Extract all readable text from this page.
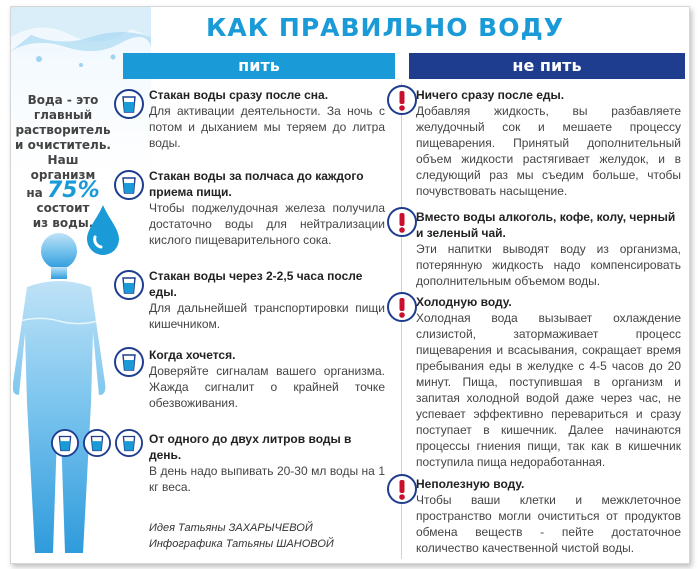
Вода - это
главный
растворитель
и очиститель.
Наш организм
на 75%
состоит
из воды.
КАК ПРАВИЛЬНО ВОДУ
пить	не пить
Стакан воды сразу после сна.
Для активации деятельности. За ночь с потом и дыханием мы теряем до литра воды.
Стакан воды за полчаса до каждого приема пищи.
Чтобы поджелудочная железа получила достаточно воды для нейтрализации кислого пищеварительного сока.
Стакан воды через 2-2,5 часа после еды.
Для дальнейшей транспортировки пищи кишечником.
Когда хочется.
Доверяйте сигналам вашего организма. Жажда сигналит о крайней точке обезвоживания.
От одного до двух литров воды в день.
В день надо выпивать 20-30 мл воды на 1 кг веса.
Идея Татьяны ЗАХАРЫЧЕВОЙ
Инфографика Татьяны ШАНОВОЙ
Ничего сразу после еды.
Добавляя жидкость, вы разбавляете желудочный сок и мешаете процессу пищеварения. Принятый дополнительный объем жидкости растягивает желудок, и в следующий раз мы съедим больше, чтобы почувствовать насыщение.
Вместо воды алкоголь, кофе, колу, черный и зеленый чай.
Эти напитки выводят воду из организма, потерянную жидкость надо компенсировать дополнительным объемом воды.
Холодную воду.
Холодная вода вызывает охлаждение слизистой, затормаживает процесс пищеварения и всасывания, сокращает время пребывания еды в желудке с 4-5 часов до 20 минут. Пища, поступившая в организм и запитая холодной водой даже через час, не успевает эффективно перевариться и сразу поступает в кишечник. Далее начинаются процессы гниения пищи, так как в кишечник поступила пища недоработанная.
Неполезную воду.
Чтобы ваши клетки и межклеточное пространство могли очиститься от продуктов обмена веществ - пейте достаточное количество качественной чистой воды.
